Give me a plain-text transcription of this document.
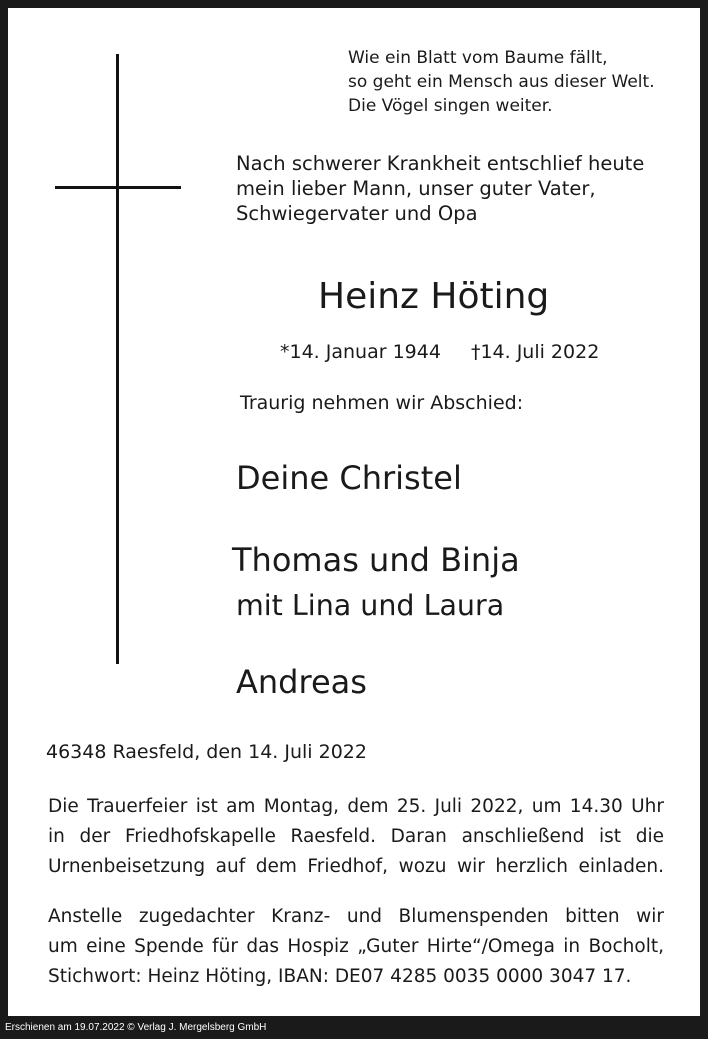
Wie ein Blatt vom Baume fällt,
so geht ein Mensch aus dieser Welt.
Die Vögel singen weiter.
Nach schwerer Krankheit entschlief heute
mein lieber Mann, unser guter Vater,
Schwiegervater und Opa
Heinz Höting
*14. Januar 1944 †14. Juli 2022
Traurig nehmen wir Abschied:
Deine Christel
Thomas und Binja
mit Lina und Laura
Andreas
46348 Raesfeld, den 14. Juli 2022
Die Trauerfeier ist am Montag, dem 25. Juli 2022, um 14.30 Uhr
in der Friedhofskapelle Raesfeld. Daran anschließend ist die
Urnenbeisetzung auf dem Friedhof, wozu wir herzlich einladen.
Anstelle zugedachter Kranz- und Blumenspenden bitten wir
um eine Spende für das Hospiz „Guter Hirte“/Omega in Bocholt,
Stichwort: Heinz Höting, IBAN: DE07 4285 0035 0000 3047 17.
Erschienen am 19.07.2022 © Verlag J. Mergelsberg GmbH
